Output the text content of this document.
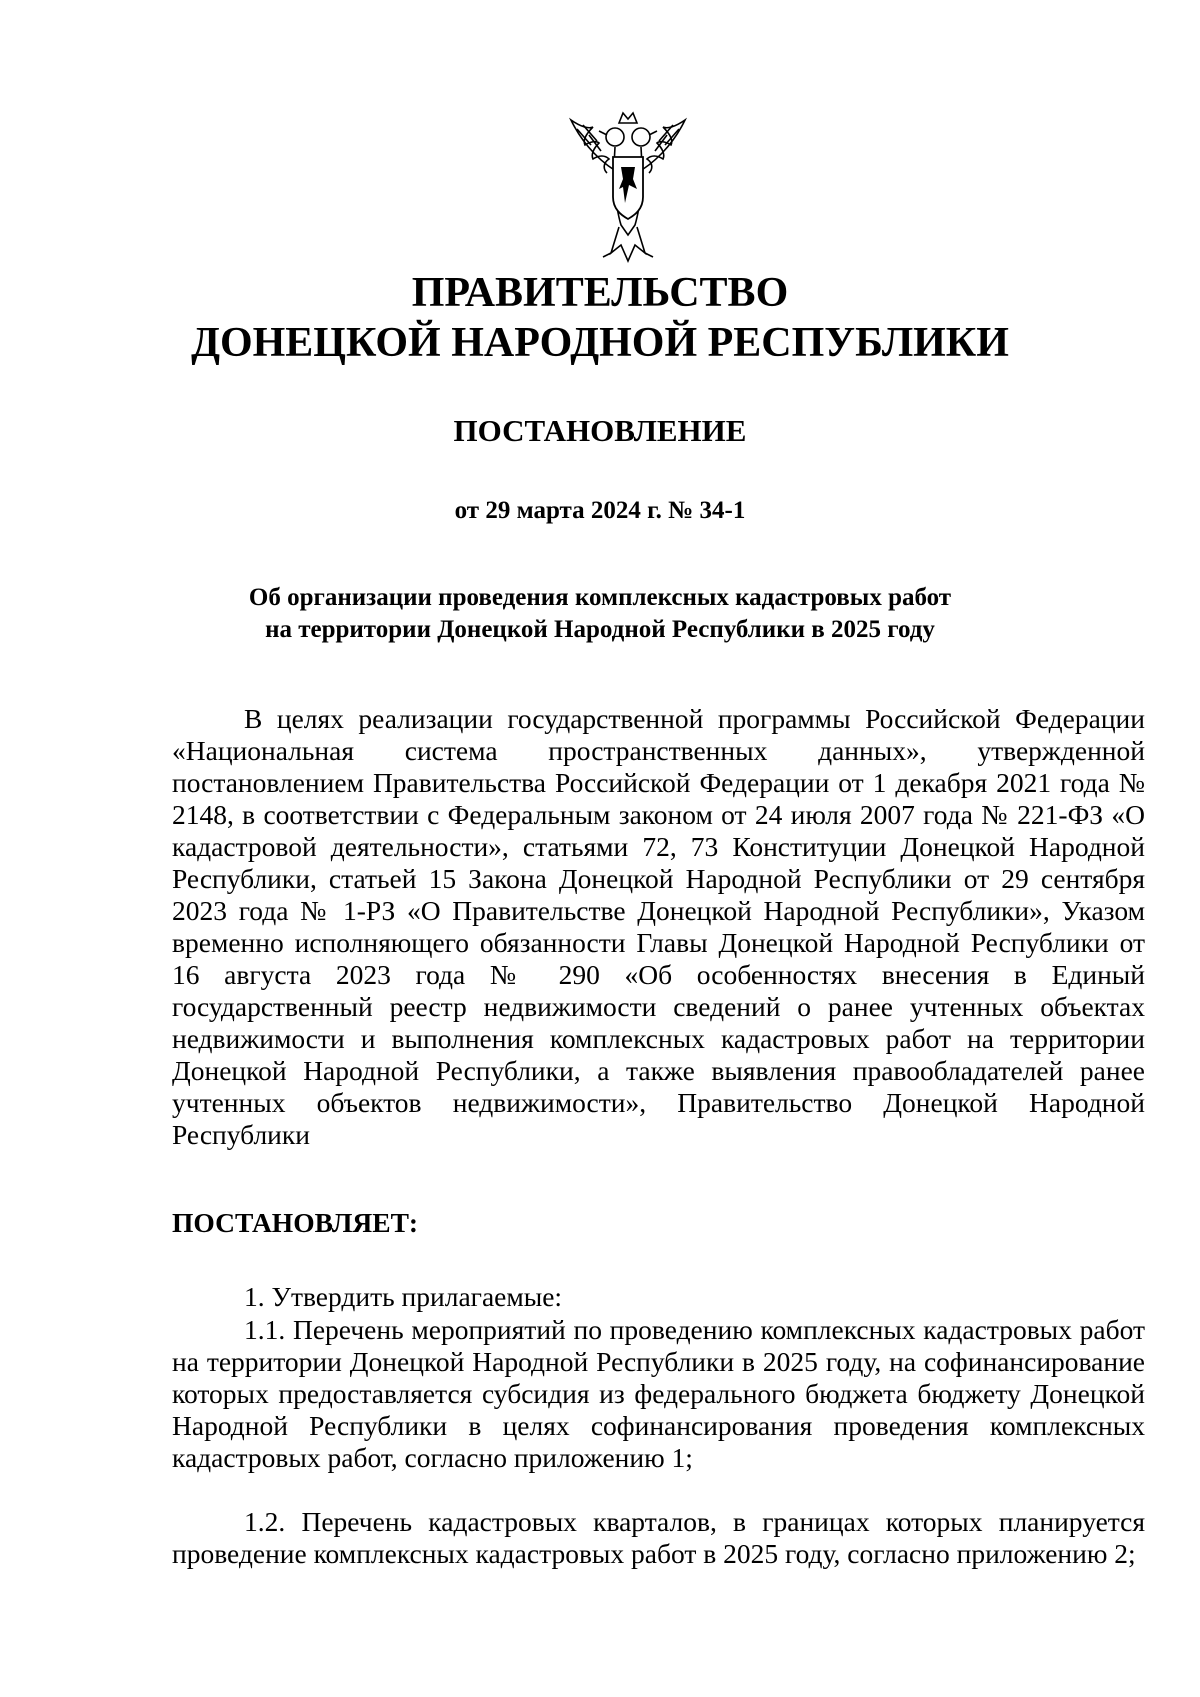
ПРАВИТЕЛЬСТВО
ДОНЕЦКОЙ НАРОДНОЙ РЕСПУБЛИКИ
ПОСТАНОВЛЕНИЕ
от 29 марта 2024 г. № 34-1
Об организации проведения комплексных кадастровых работ
на территории Донецкой Народной Республики в 2025 году

В целях реализации государственной программы Российской Федерации «Национальная система пространственных данных», утвержденной постановлением Правительства Российской Федерации от 1 декабря 2021 года № 2148, в соответствии с Федеральным законом от 24 июля 2007 года № 221-ФЗ «О кадастровой деятельности», статьями 72, 73 Конституции Донецкой Народной Республики, статьей 15 Закона Донецкой Народной Республики от 29 сентября 2023 года № 1-РЗ «О Правительстве Донецкой Народной Республики», Указом временно исполняющего обязанности Главы Донецкой Народной Республики от 16 августа 2023 года № 290 «Об особенностях внесения в Единый государственный реестр недвижимости сведений о ранее учтенных объектах недвижимости и выполнения комплексных кадастровых работ на территории Донецкой Народной Республики, а также выявления правообладателей ранее учтенных объектов недвижимости», Правительство Донецкой Народной Республики

ПОСТАНОВЛЯЕТ:

1. Утвердить прилагаемые:

1.1. Перечень мероприятий по проведению комплексных кадастровых работ на территории Донецкой Народной Республики в 2025 году, на софинансирование которых предоставляется субсидия из федерального бюджета бюджету Донецкой Народной Республики в целях софинансирования проведения комплексных кадастровых работ, согласно приложению 1;

1.2. Перечень кадастровых кварталов, в границах которых планируется проведение комплексных кадастровых работ в 2025 году, согласно приложению 2;
